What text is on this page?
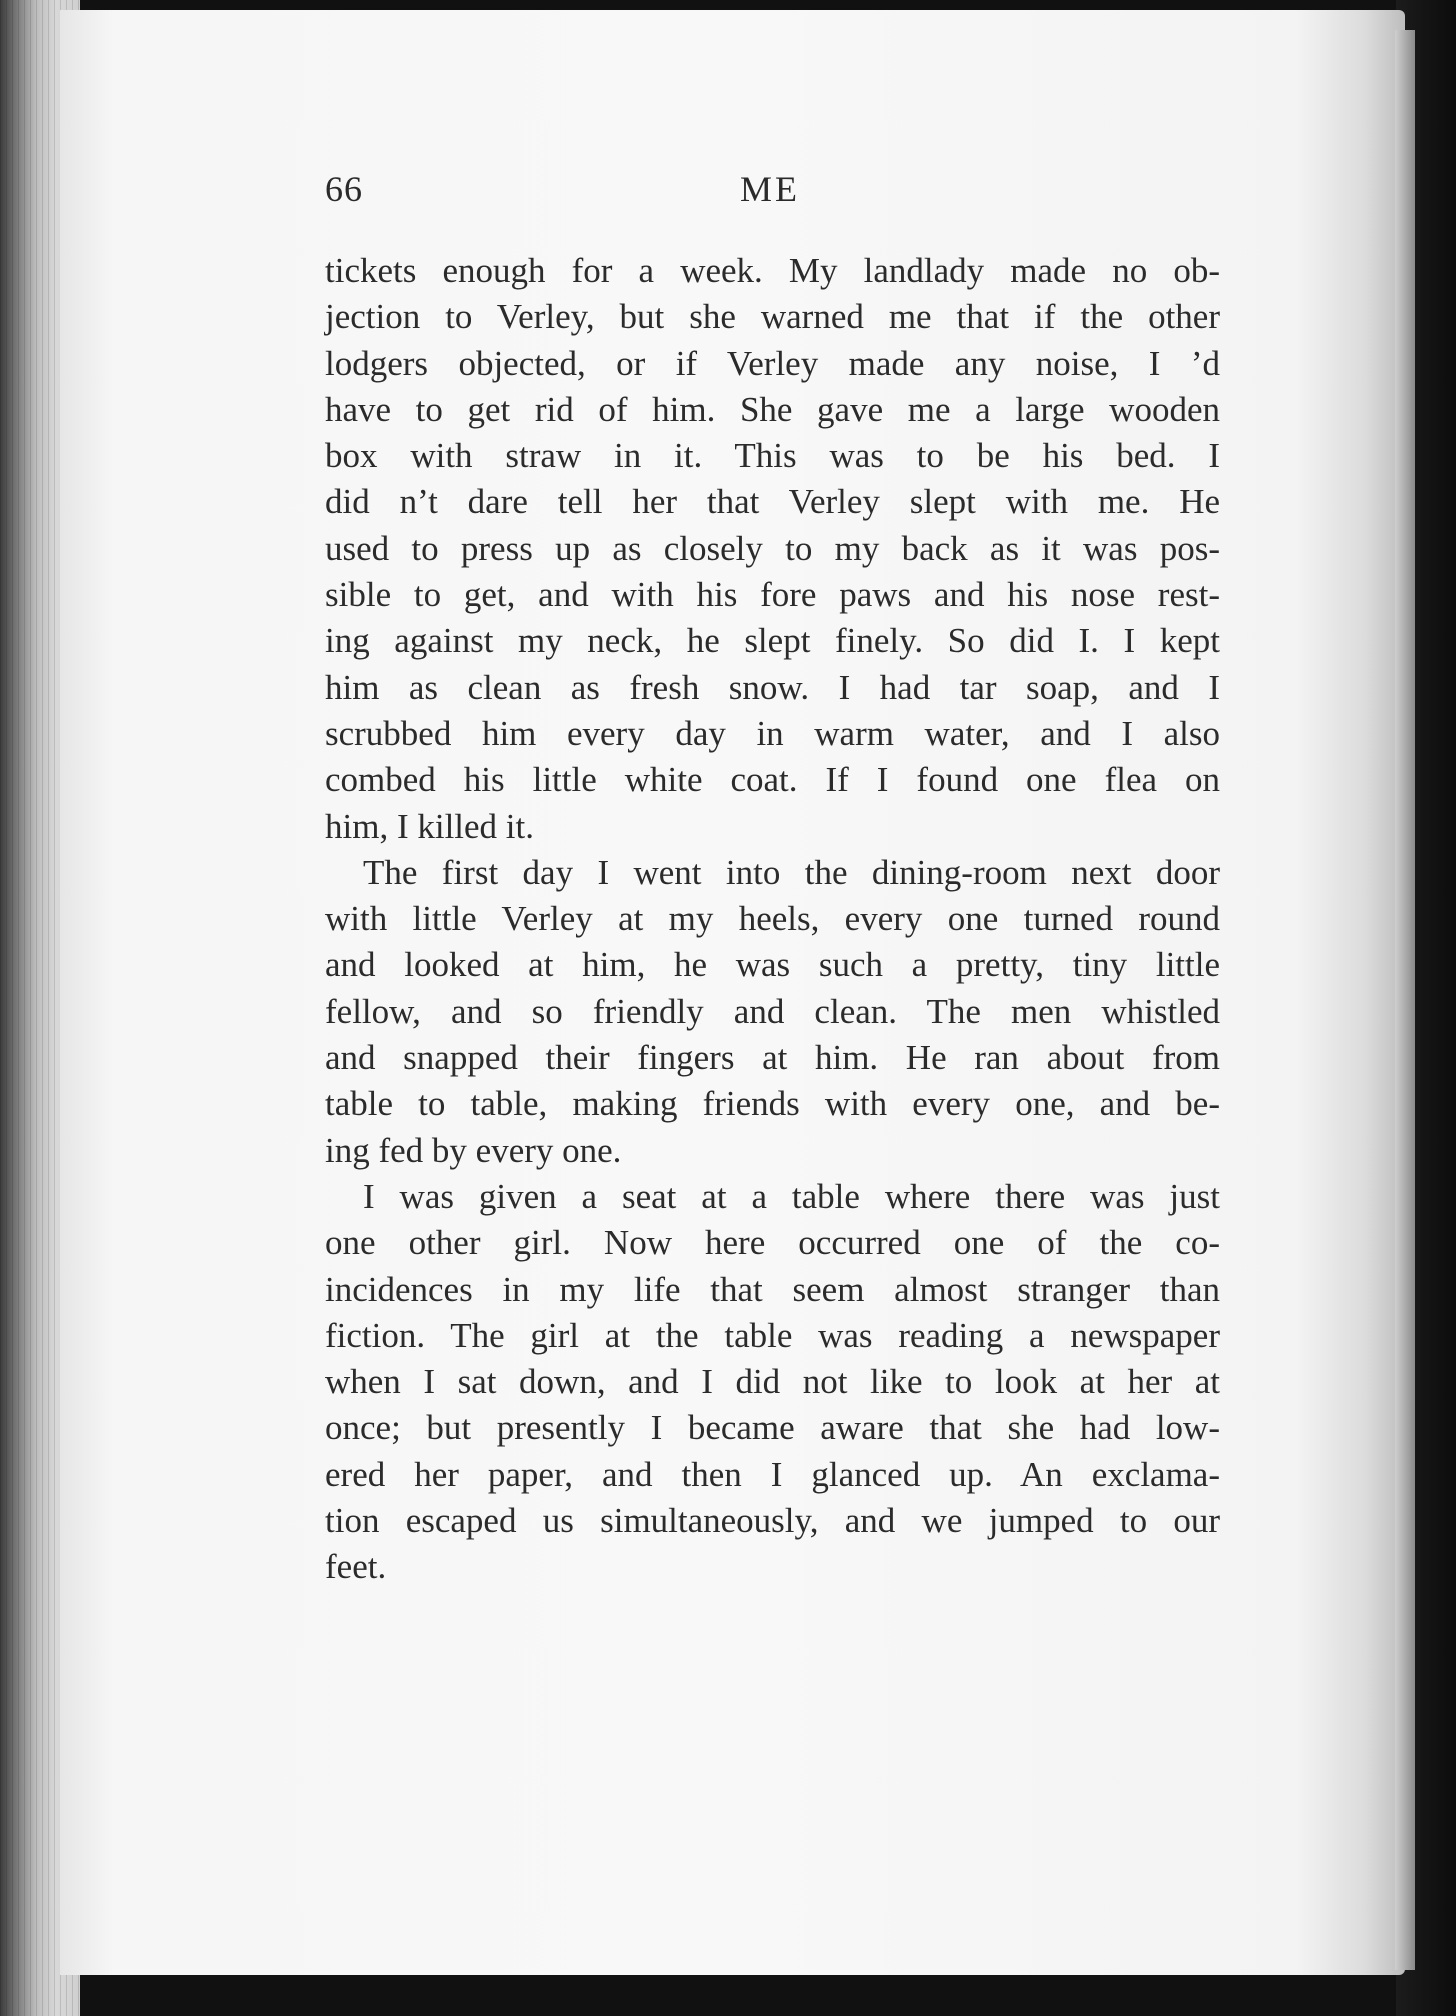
66	ME
tickets enough for a week. My landlady made no ob-
jection to Verley, but she warned me that if the other
lodgers objected, or if Verley made any noise, I ’d
have to get rid of him. She gave me a large wooden
box with straw in it. This was to be his bed. I
did n’t dare tell her that Verley slept with me. He
used to press up as closely to my back as it was pos-
sible to get, and with his fore paws and his nose rest-
ing against my neck, he slept finely. So did I. I kept
him as clean as fresh snow. I had tar soap, and I
scrubbed him every day in warm water, and I also
combed his little white coat. If I found one flea on
him, I killed it.
The first day I went into the dining-room next door
with little Verley at my heels, every one turned round
and looked at him, he was such a pretty, tiny little
fellow, and so friendly and clean. The men whistled
and snapped their fingers at him. He ran about from
table to table, making friends with every one, and be-
ing fed by every one.
I was given a seat at a table where there was just
one other girl. Now here occurred one of the co-
incidences in my life that seem almost stranger than
fiction. The girl at the table was reading a newspaper
when I sat down, and I did not like to look at her at
once; but presently I became aware that she had low-
ered her paper, and then I glanced up. An exclama-
tion escaped us simultaneously, and we jumped to our
feet.
